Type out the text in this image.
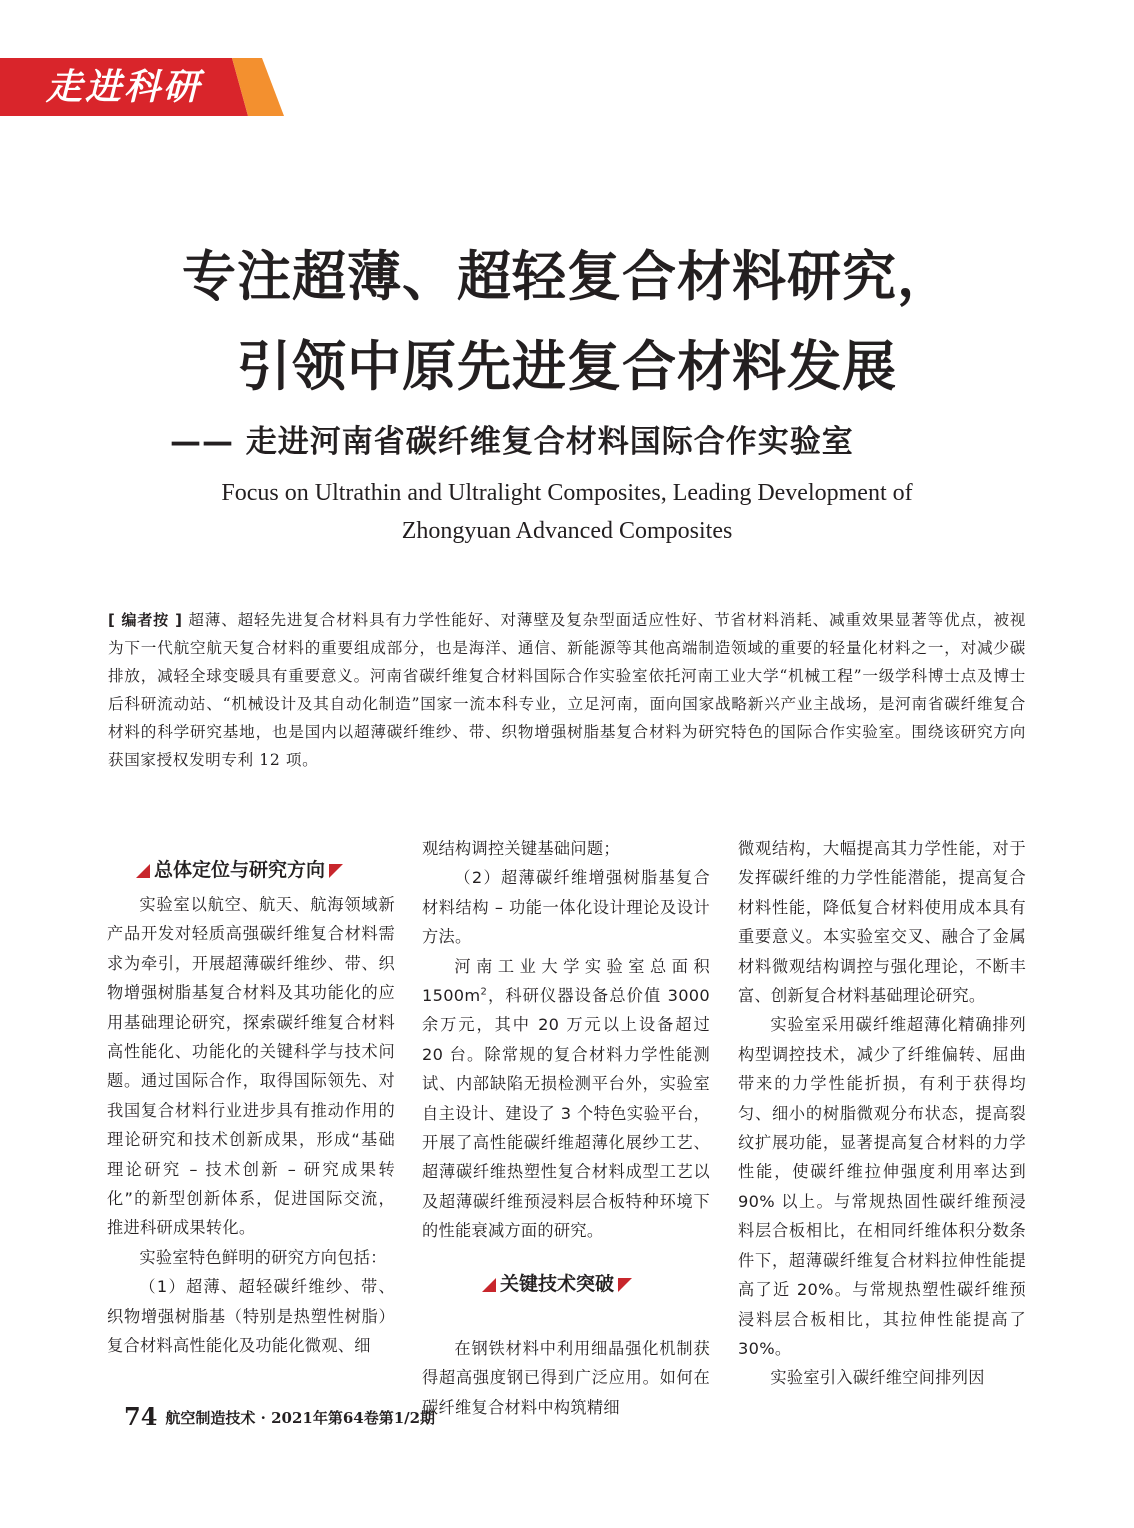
走进科研
专注超薄、超轻复合材料研究，
引领中原先进复合材料发展
—— 走进河南省碳纤维复合材料国际合作实验室
Focus on Ultrathin and Ultralight Composites, Leading Development of
Zhongyuan Advanced Composites
[ 编者按 ] 超薄、超轻先进复合材料具有力学性能好、对薄壁及复杂型面适应性好、节省材料消耗、减重效果显著等优点，被视为下一代航空航天复合材料的重要组成部分，也是海洋、通信、新能源等其他高端制造领域的重要的轻量化材料之一，对减少碳排放，减轻全球变暖具有重要意义。河南省碳纤维复合材料国际合作实验室依托河南工业大学“机械工程”一级学科博士点及博士后科研流动站、“机械设计及其自动化制造”国家一流本科专业，立足河南，面向国家战略新兴产业主战场，是河南省碳纤维复合材料的科学研究基地，也是国内以超薄碳纤维纱、带、织物增强树脂基复合材料为研究特色的国际合作实验室。围绕该研究方向获国家授权发明专利 12 项。
总体定位与研究方向

实验室以航空、航天、航海领域新产品开发对轻质高强碳纤维复合材料需求为牵引，开展超薄碳纤维纱、带、织物增强树脂基复合材料及其功能化的应用基础理论研究，探索碳纤维复合材料高性能化、功能化的关键科学与技术问题。通过国际合作，取得国际领先、对我国复合材料行业进步具有推动作用的理论研究和技术创新成果，形成“基础理论研究 – 技术创新 – 研究成果转化”的新型创新体系，促进国际交流，推进科研成果转化。

实验室特色鲜明的研究方向包括：

（1）超薄、超轻碳纤维纱、带、织物增强树脂基（特别是热塑性树脂）复合材料高性能化及功能化微观、细

观结构调控关键基础问题；

（2）超薄碳纤维增强树脂基复合材料结构 – 功能一体化设计理论及设计方法。

河南工业大学实验室总面积 $1500m^2$，科研仪器设备总价值 3000 余万元，其中 20 万元以上设备超过 20 台。除常规的复合材料力学性能测试、内部缺陷无损检测平台外，实验室自主设计、建设了 3 个特色实验平台，开展了高性能碳纤维超薄化展纱工艺、超薄碳纤维热塑性复合材料成型工艺以及超薄碳纤维预浸料层合板特种环境下的性能衰减方面的研究。

在钢铁材料中利用细晶强化机制获得超高强度钢已得到广泛应用。如何在碳纤维复合材料中构筑精细

关键技术突破

微观结构，大幅提高其力学性能，对于发挥碳纤维的力学性能潜能，提高复合材料性能，降低复合材料使用成本具有重要意义。本实验室交叉、融合了金属材料微观结构调控与强化理论，不断丰富、创新复合材料基础理论研究。

实验室采用碳纤维超薄化精确排列构型调控技术，减少了纤维偏转、屈曲带来的力学性能折损，有利于获得均匀、细小的树脂微观分布状态，提高裂纹扩展功能，显著提高复合材料的力学性能，使碳纤维拉伸强度利用率达到 90% 以上。与常规热固性碳纤维预浸料层合板相比，在相同纤维体积分数条件下，超薄碳纤维复合材料拉伸性能提高了近 20%。与常规热塑性碳纤维预浸料层合板相比，其拉伸性能提高了 30%。

实验室引入碳纤维空间排列因

74 航空制造技术 · 2021年第64卷第1/2期
